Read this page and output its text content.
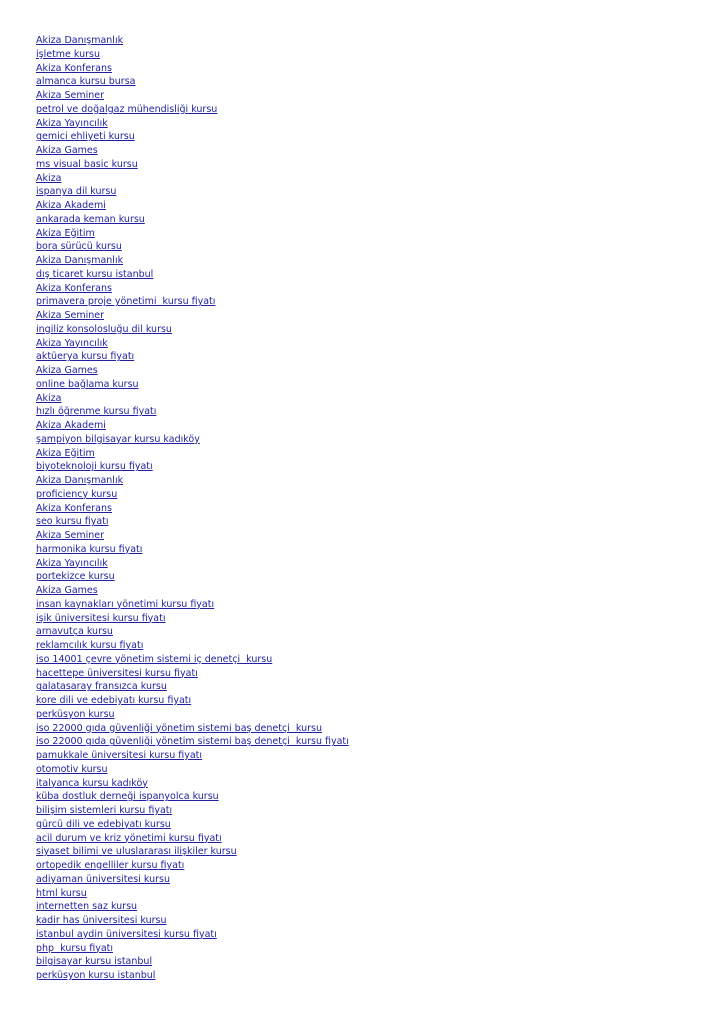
Akiza Danışmanlık
işletme kursu
Akiza Konferans
almanca kursu bursa
Akiza Seminer
petrol ve doğalgaz mühendisliği kursu
Akiza Yayıncılık
gemici ehliyeti kursu
Akiza Games
ms visual basic kursu
Akiza
ispanya dil kursu
Akiza Akademi
ankarada keman kursu
Akiza Eğitim
bora sürücü kursu
Akiza Danışmanlık
dış ticaret kursu istanbul
Akiza Konferans
primavera proje yönetimi  kursu fiyatı
Akiza Seminer
ingiliz konsolosluğu dil kursu
Akiza Yayıncılık
aktüerya kursu fiyatı
Akiza Games
online bağlama kursu
Akiza
hızlı öğrenme kursu fiyatı
Akiza Akademi
şampiyon bilgisayar kursu kadıköy
Akiza Eğitim
biyoteknoloji kursu fiyatı
Akiza Danışmanlık
proficiency kursu
Akiza Konferans
seo kursu fiyatı
Akiza Seminer
harmonika kursu fiyatı
Akiza Yayıncılık
portekizce kursu
Akiza Games
insan kaynakları yönetimi kursu fiyatı
işik üniversitesi kursu fiyatı
arnavutça kursu
reklamcılık kursu fiyatı
iso 14001 çevre yönetim sistemi iç denetçi  kursu
hacettepe üniversitesi kursu fiyatı
galatasaray fransızca kursu
kore dili ve edebiyatı kursu fiyatı
perküsyon kursu
iso 22000 gıda güvenliği yönetim sistemi baş denetçi  kursu
iso 22000 gıda güvenliği yönetim sistemi baş denetçi  kursu fiyatı
pamukkale üniversitesi kursu fiyatı
otomotiv kursu
italyanca kursu kadıköy
küba dostluk derneği ispanyolca kursu
bilişim sistemleri kursu fiyatı
gürcü dili ve edebiyatı kursu
acil durum ve kriz yönetimi kursu fiyatı
siyaset bilimi ve uluslararası ilişkiler kursu
ortopedik engelliler kursu fiyatı
adiyaman üniversitesi kursu
html kursu
internetten saz kursu
kadir has üniversitesi kursu
istanbul aydin üniversitesi kursu fiyatı
php  kursu fiyatı
bilgisayar kursu istanbul
perküsyon kursu istanbul
